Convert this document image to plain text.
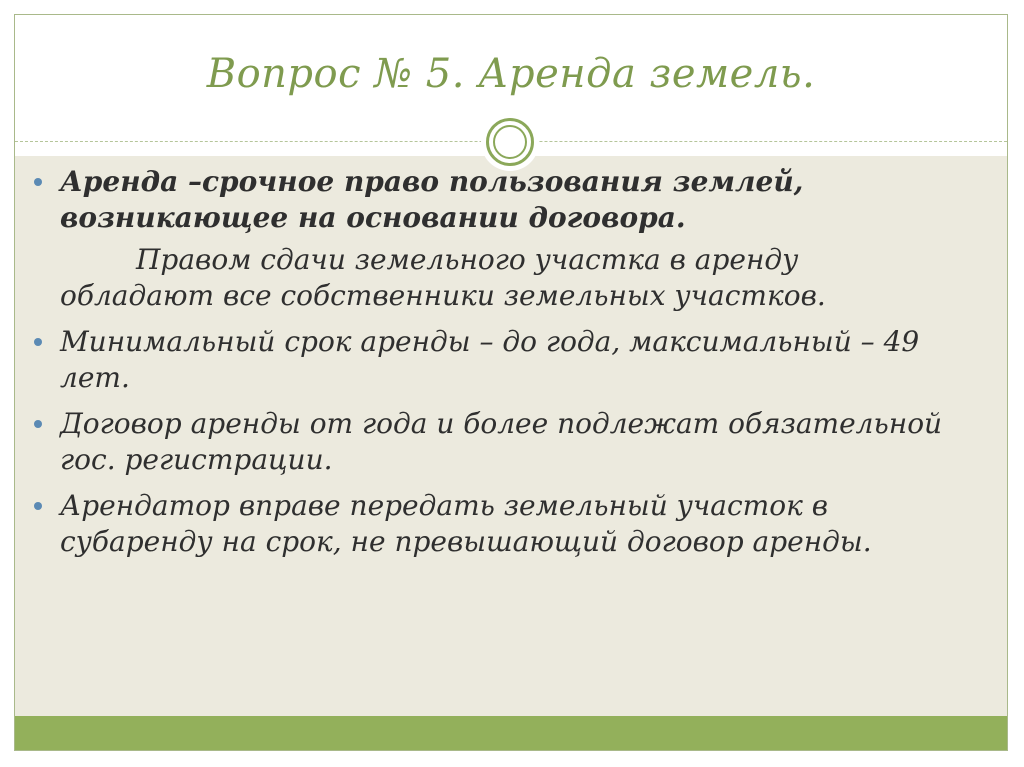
Вопрос № 5. Аренда земель.
Аренда –срочное право пользования землей, возникающее на основании договора.
Правом сдачи земельного участка в аренду обладают все собственники земельных участков.
Минимальный срок аренды – до года, максимальный – 49 лет.
Договор аренды от года и более подлежат обязательной гос. регистрации.
Арендатор вправе передать земельный участок в субаренду на срок, не превышающий договор аренды.
